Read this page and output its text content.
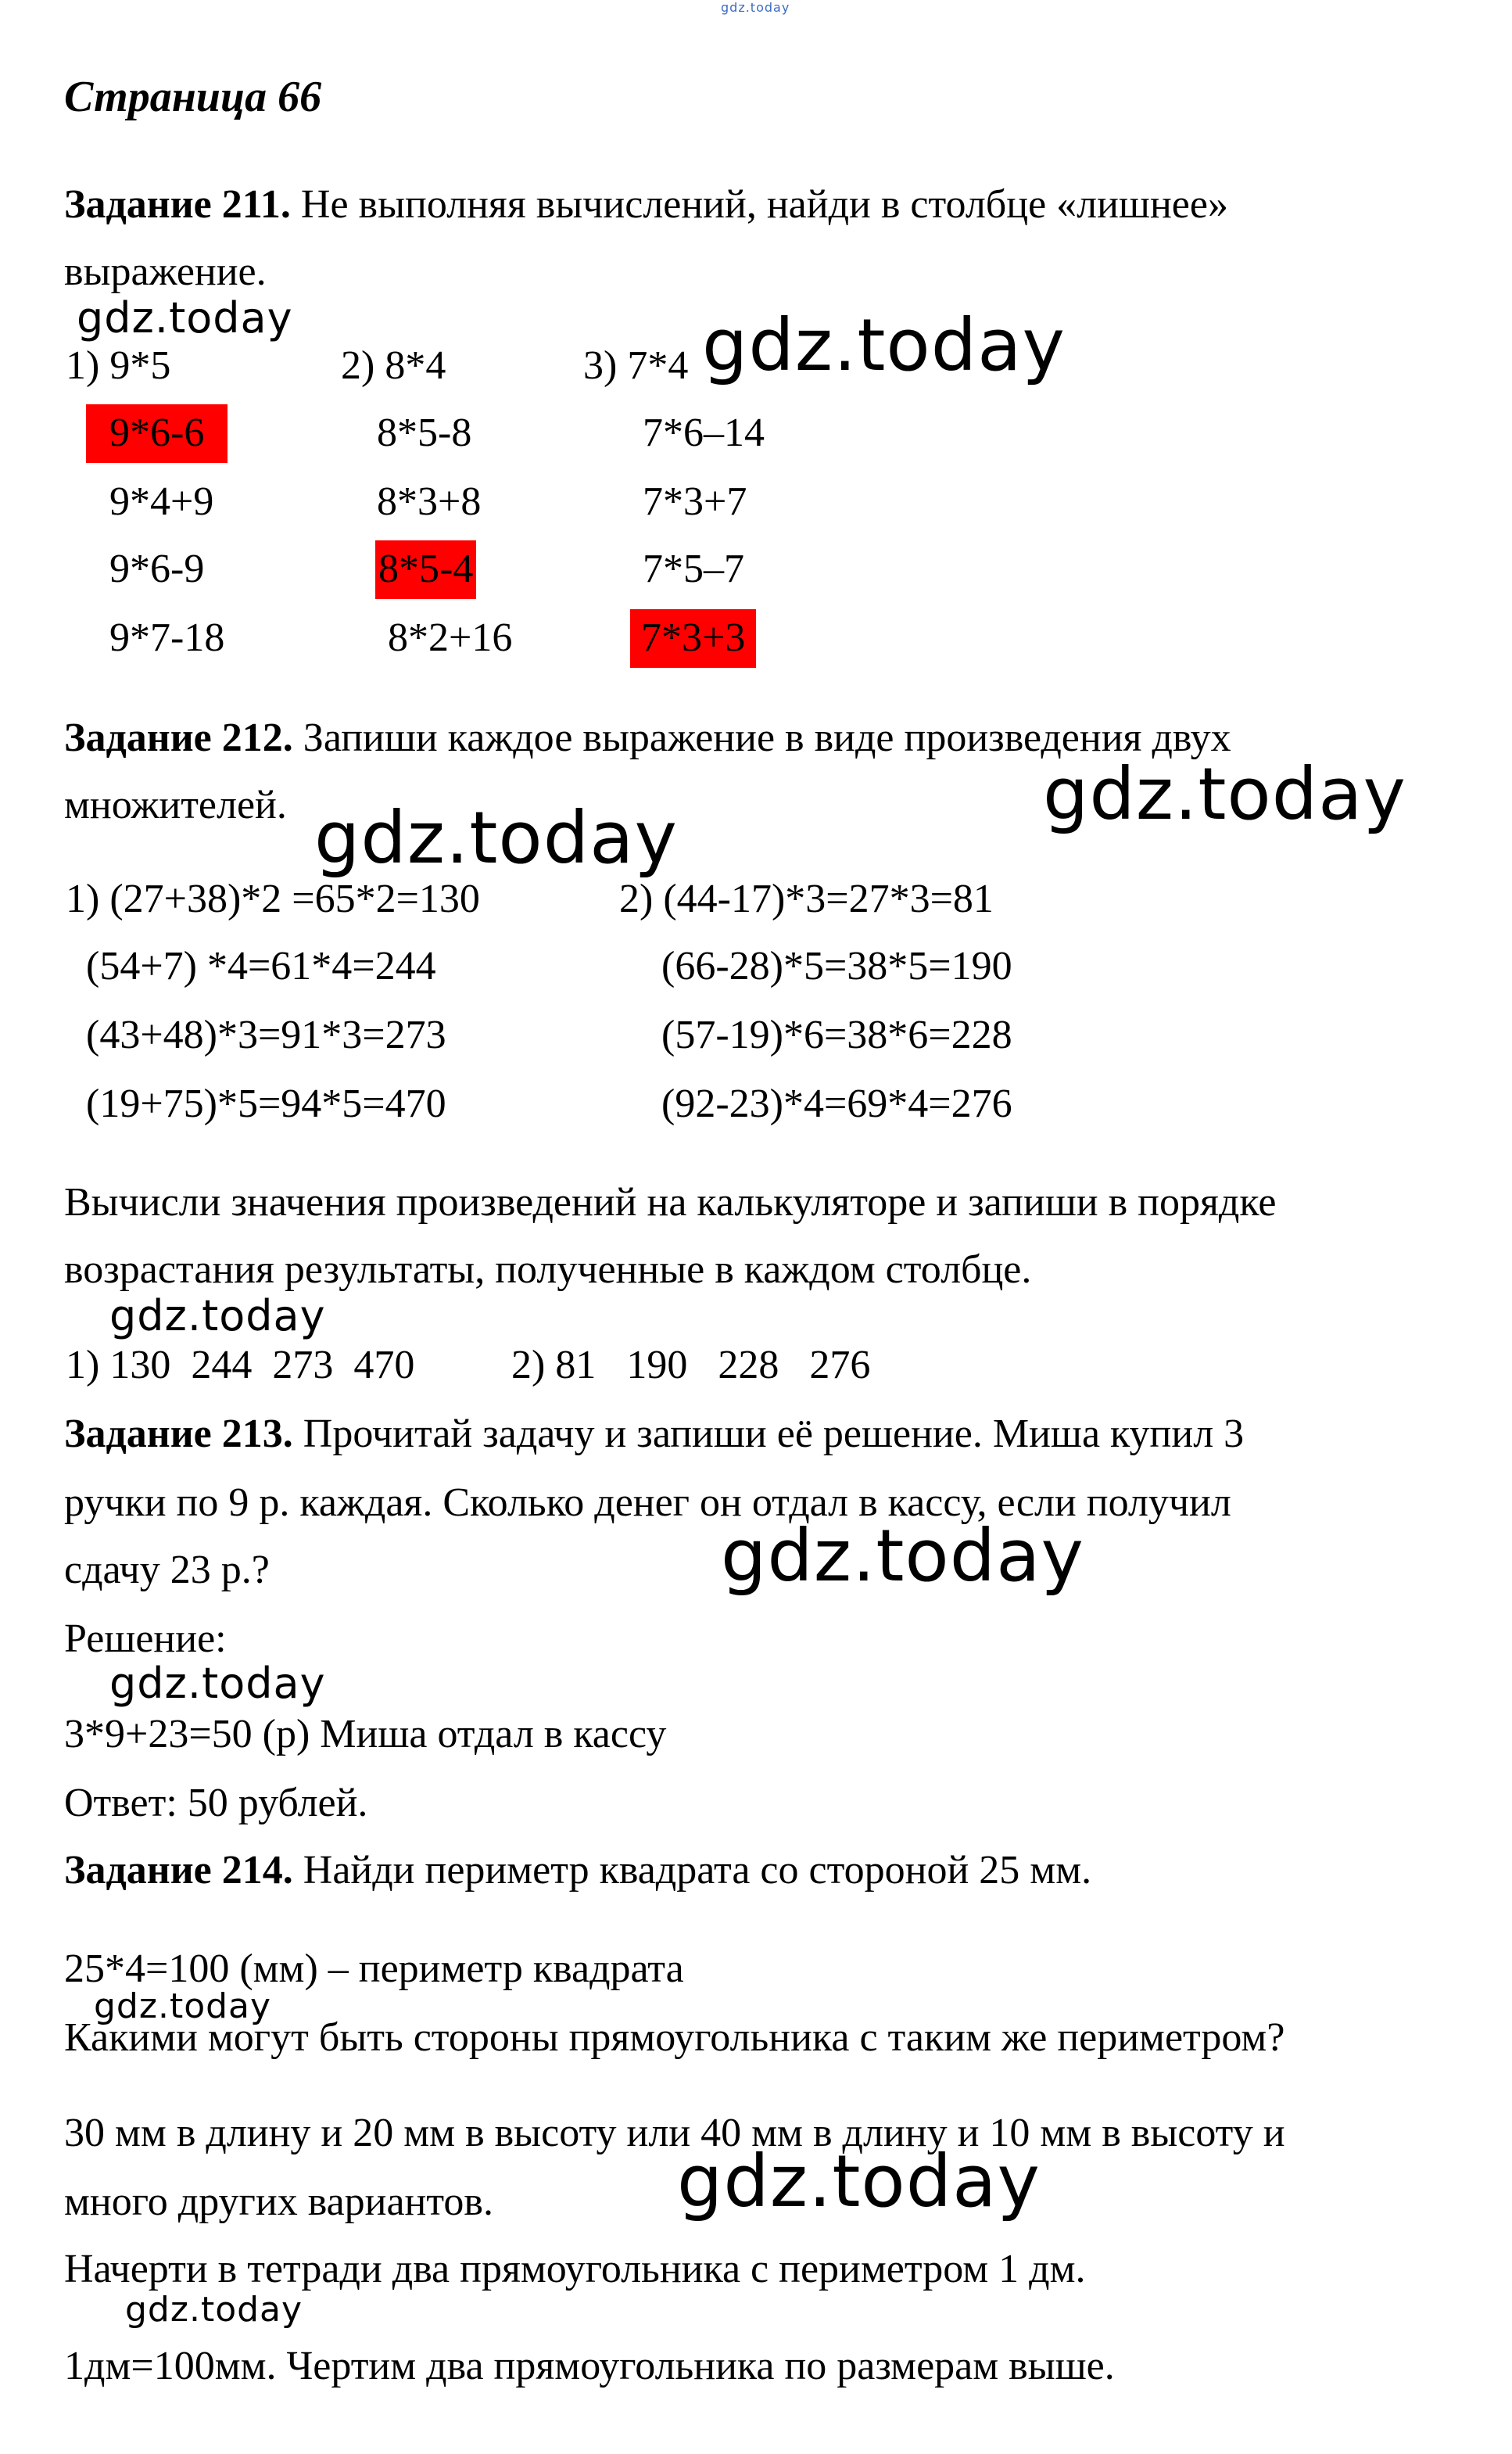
gdz.today
Страница 66
Задание 211. Не выполняя вычислений, найди в столбце «лишнее»
выражение.
gdz.today
1) 9*5	2) 8*4	3) 7*4 gdz.today
9*6-6	8*5-8	7*6–14
9*4+9	8*3+8	7*3+7
9*6-9	8*5-4	7*5–7
9*7-18	8*2+16	7*3+3
Задание 212. Запиши каждое выражение в виде произведения двух
множителей.	gdz.today
gdz.today
1) (27+38)*2 =65*2=130	2) (44-17)*3=27*3=81
(54+7) *4=61*4=244	(66-28)*5=38*5=190
(43+48)*3=91*3=273	(57-19)*6=38*6=228
(19+75)*5=94*5=470	(92-23)*4=69*4=276
Вычисли значения произведений на калькуляторе и запиши в порядке
возрастания результаты, полученные в каждом столбце.
gdz.today
1) 130  244  273  470 2) 81   190   228   276
Задание 213. Прочитай задачу и запиши её решение. Миша купил 3
ручки по 9 р. каждая. Сколько денег он отдал в кассу, если получил
сдачу 23 р.?	gdz.today
Решение:
gdz.today
3*9+23=50 (р) Миша отдал в кассу
Ответ: 50 рублей.
Задание 214. Найди периметр квадрата со стороной 25 мм.
25*4=100 (мм) – периметр квадрата
gdz.today
Какими могут быть стороны прямоугольника с таким же периметром?
30 мм в длину и 20 мм в высоту или 40 мм в длину и 10 мм в высоту и
много других вариантов.	gdz.today
Начерти в тетради два прямоугольника с периметром 1 дм.
gdz.today
1дм=100мм. Чертим два прямоугольника по размерам выше.
